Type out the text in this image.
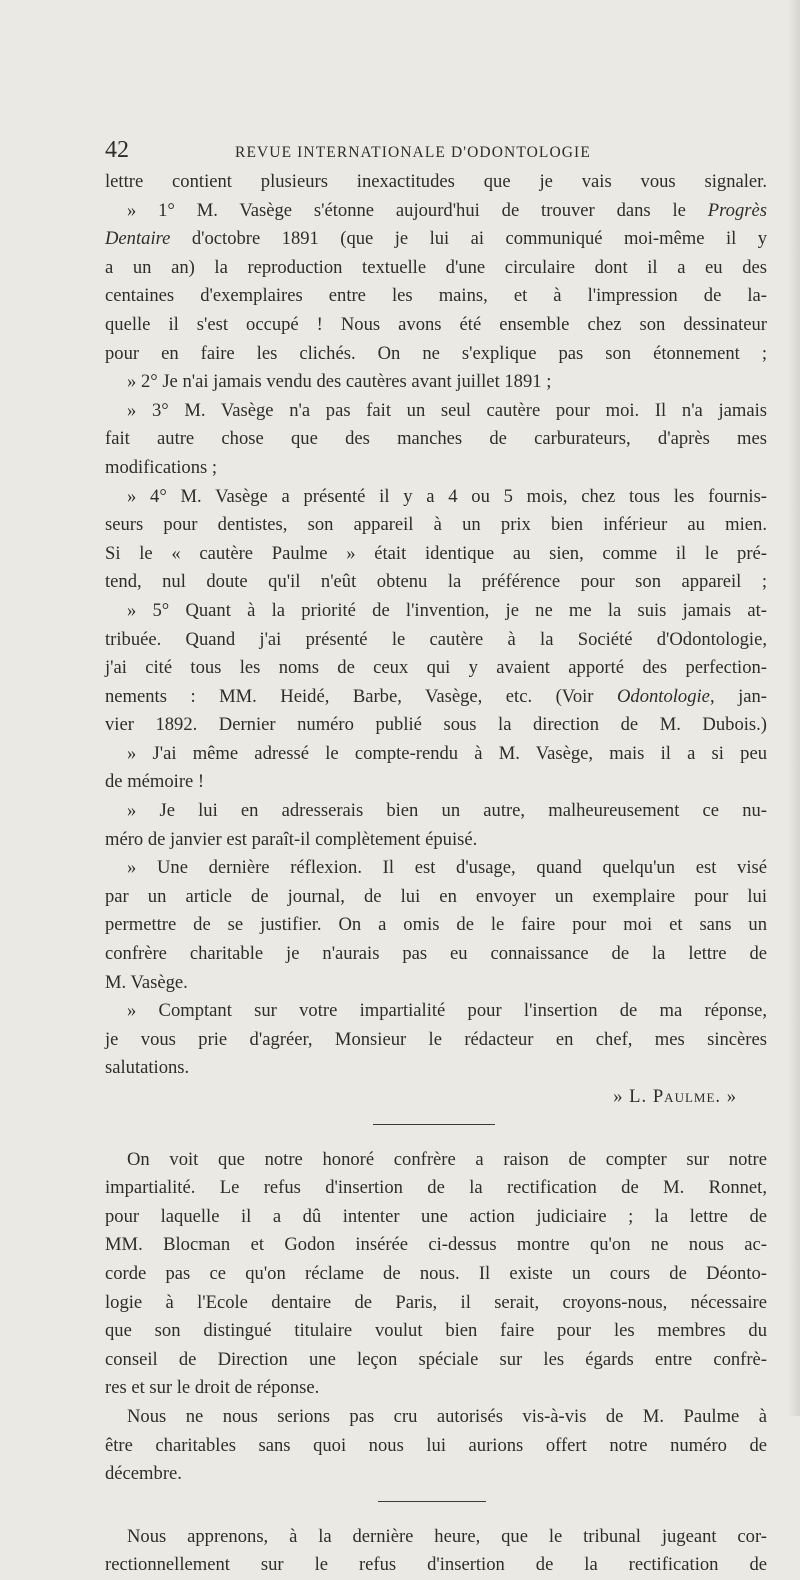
42	REVUE INTERNATIONALE D'ODONTOLOGIE
lettre contient plusieurs inexactitudes que je vais vous signaler.
» 1° M. Vasège s'étonne aujourd'hui de trouver dans le Progrès
Dentaire d'octobre 1891 (que je lui ai communiqué moi-même il y
a un an) la reproduction textuelle d'une circulaire dont il a eu des
centaines d'exemplaires entre les mains, et à l'impression de la-
quelle il s'est occupé ! Nous avons été ensemble chez son dessinateur
pour en faire les clichés. On ne s'explique pas son étonnement ;
» 2° Je n'ai jamais vendu des cautères avant juillet 1891 ;
» 3° M. Vasège n'a pas fait un seul cautère pour moi. Il n'a jamais
fait autre chose que des manches de carburateurs, d'après mes
modifications ;
» 4° M. Vasège a présenté il y a 4 ou 5 mois, chez tous les fournis-
seurs pour dentistes, son appareil à un prix bien inférieur au mien.
Si le « cautère Paulme » était identique au sien, comme il le pré-
tend, nul doute qu'il n'eût obtenu la préférence pour son appareil ;
» 5° Quant à la priorité de l'invention, je ne me la suis jamais at-
tribuée. Quand j'ai présenté le cautère à la Société d'Odontologie,
j'ai cité tous les noms de ceux qui y avaient apporté des perfection-
nements : MM. Heidé, Barbe, Vasège, etc. (Voir Odontologie, jan-
vier 1892. Dernier numéro publié sous la direction de M. Dubois.)
» J'ai même adressé le compte-rendu à M. Vasège, mais il a si peu
de mémoire !
» Je lui en adresserais bien un autre, malheureusement ce nu-
méro de janvier est paraît-il complètement épuisé.
» Une dernière réflexion. Il est d'usage, quand quelqu'un est visé
par un article de journal, de lui en envoyer un exemplaire pour lui
permettre de se justifier. On a omis de le faire pour moi et sans un
confrère charitable je n'aurais pas eu connaissance de la lettre de
M. Vasège.
» Comptant sur votre impartialité pour l'insertion de ma réponse,
je vous prie d'agréer, Monsieur le rédacteur en chef, mes sincères
salutations.
» L. Paulme. »
On voit que notre honoré confrère a raison de compter sur notre
impartialité. Le refus d'insertion de la rectification de M. Ronnet,
pour laquelle il a dû intenter une action judiciaire ; la lettre de
MM. Blocman et Godon insérée ci-dessus montre qu'on ne nous ac-
corde pas ce qu'on réclame de nous. Il existe un cours de Déonto-
logie à l'Ecole dentaire de Paris, il serait, croyons-nous, nécessaire
que son distingué titulaire voulut bien faire pour les membres du
conseil de Direction une leçon spéciale sur les égards entre confrè-
res et sur le droit de réponse.
Nous ne nous serions pas cru autorisés vis-à-vis de M. Paulme à
être charitables sans quoi nous lui aurions offert notre numéro de
décembre.
Nous apprenons, à la dernière heure, que le tribunal jugeant cor-
rectionnellement sur le refus d'insertion de la rectification de
